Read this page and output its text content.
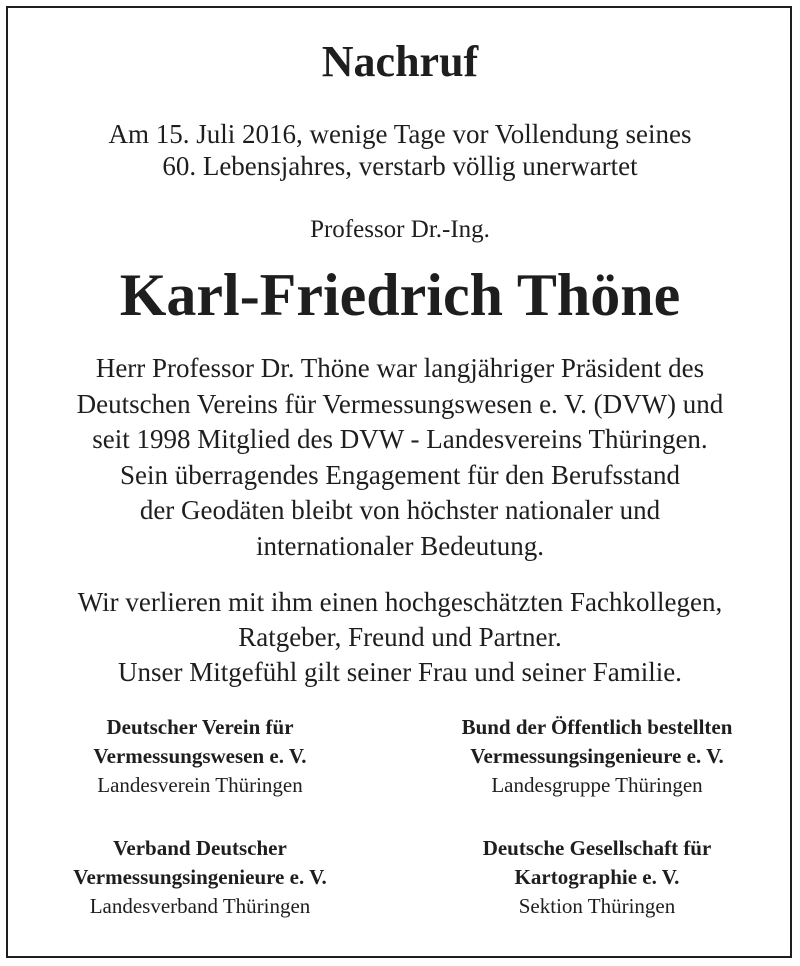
Nachruf
Am 15. Juli 2016, wenige Tage vor Vollendung seines
60. Lebensjahres, verstarb völlig unerwartet
Professor Dr.-Ing.
Karl-Friedrich Thöne
Herr Professor Dr. Thöne war langjähriger Präsident des
Deutschen Vereins für Vermessungswesen e. V. (DVW) und
seit 1998 Mitglied des DVW - Landesvereins Thüringen.
Sein überragendes Engagement für den Berufsstand
der Geodäten bleibt von höchster nationaler und
internationaler Bedeutung.
Wir verlieren mit ihm einen hochgeschätzten Fachkollegen,
Ratgeber, Freund und Partner.
Unser Mitgefühl gilt seiner Frau und seiner Familie.
Deutscher Verein für
Vermessungswesen e. V.
Landesverein Thüringen
Bund der Öffentlich bestellten
Vermessungsingenieure e. V.
Landesgruppe Thüringen
Verband Deutscher
Vermessungsingenieure e. V.
Landesverband Thüringen
Deutsche Gesellschaft für
Kartographie e. V.
Sektion Thüringen
